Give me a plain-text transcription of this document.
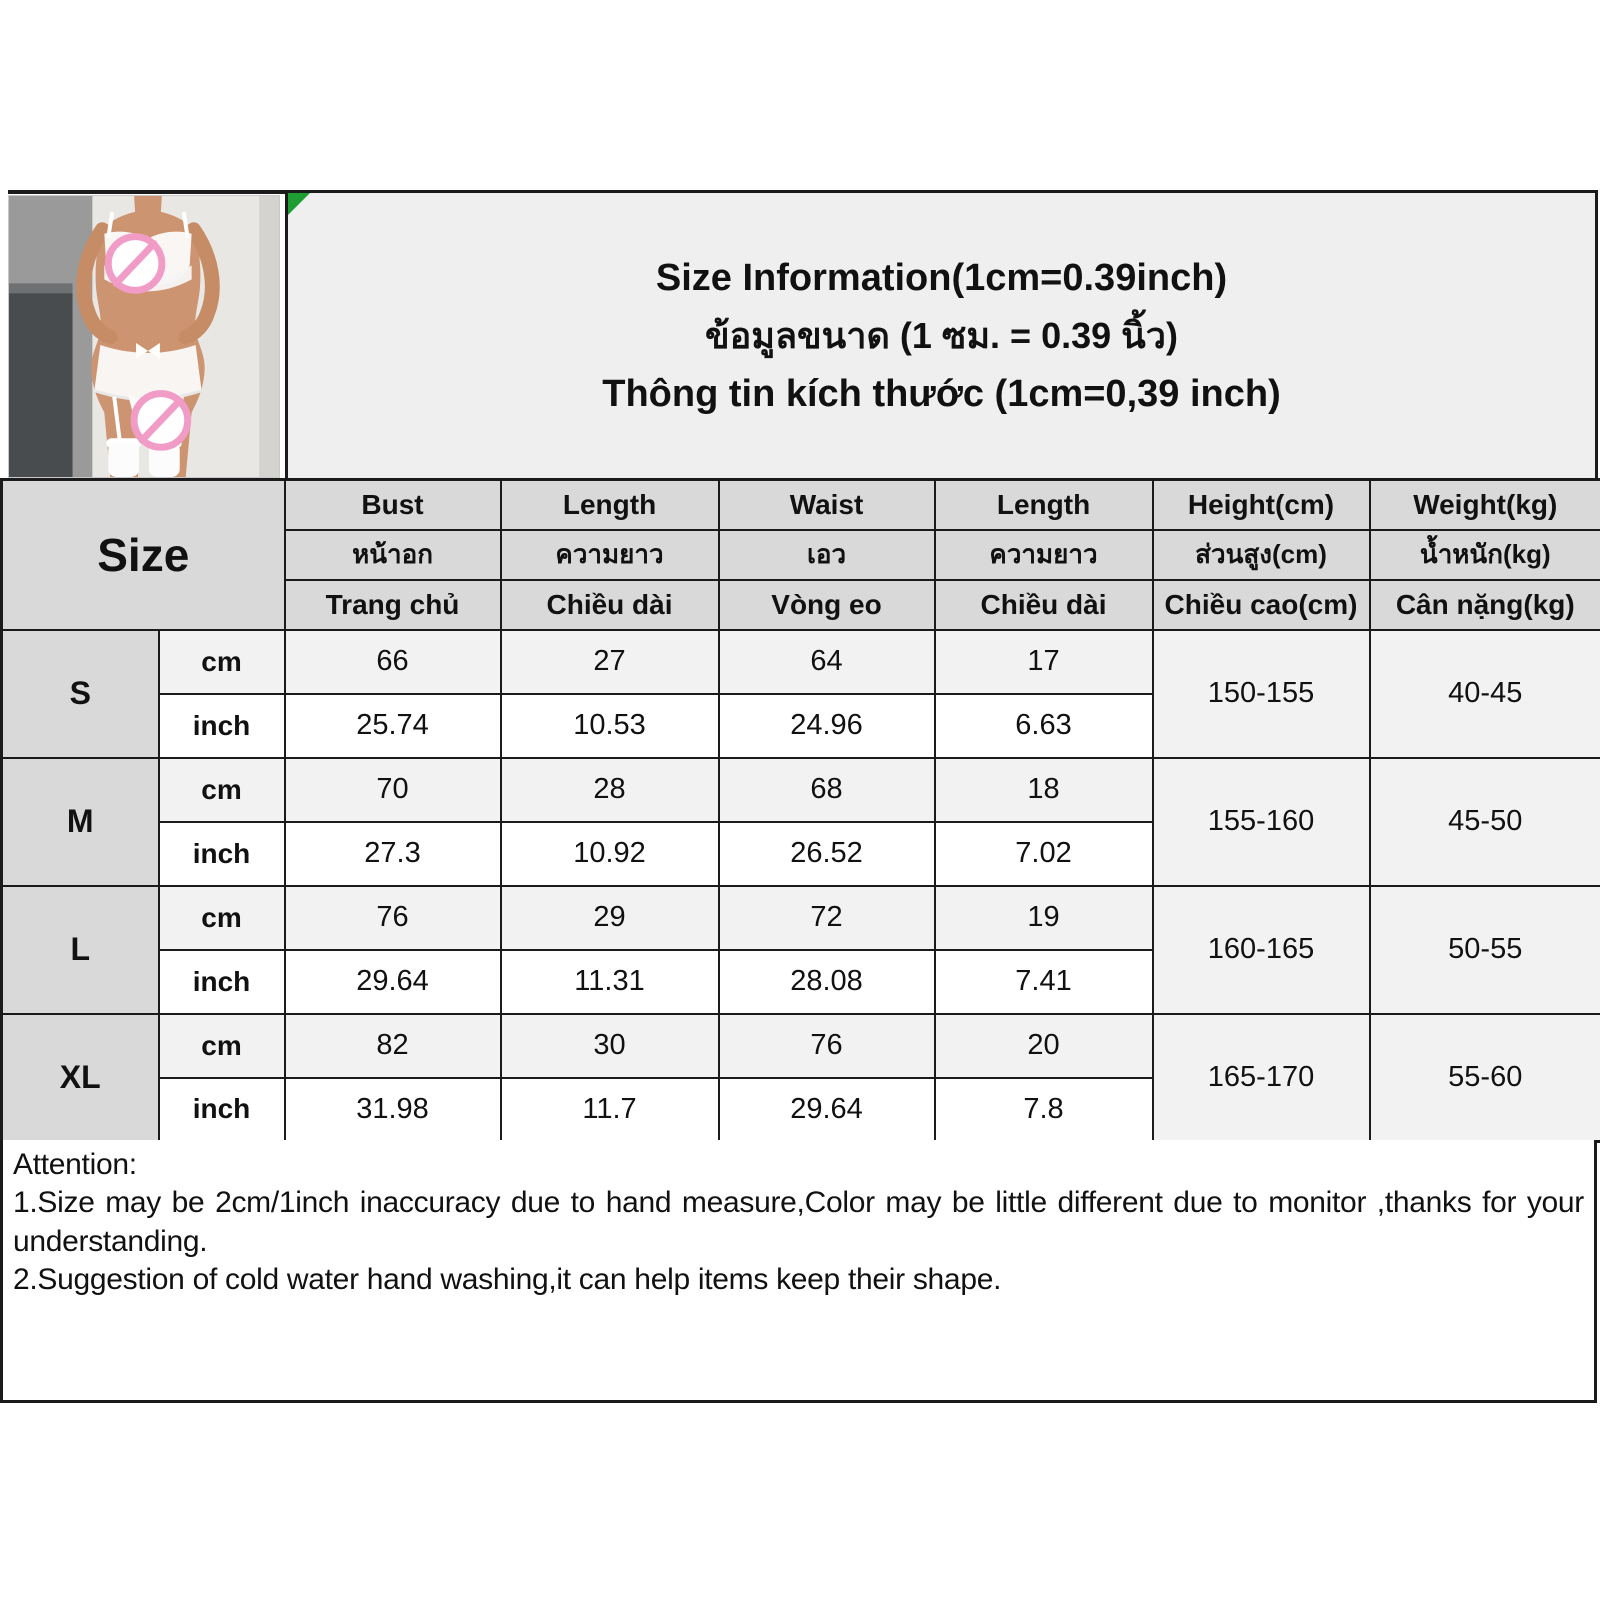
Size Information(1cm=0.39inch)
ข้อมูลขนาด (1 ซม. = 0.39 นิ้ว)
Thông tin kích thước (1cm=0,39 inch)
Size		Bust	Length	Waist	Length	Height(cm)	Weight(kg)
		หน้าอก	ความยาว	เอว	ความยาว	ส่วนสูง(cm)	น้ำหนัก(kg)
		Trang chủ	Chiều dài	Vòng eo	Chiều dài	Chiều cao(cm)	Cân nặng(kg)
S	cm	66	27	64	17	150-155	40-45
	inch	25.74	10.53	24.96	6.63		
M	cm	70	28	68	18	155-160	45-50
	inch	27.3	10.92	26.52	7.02		
L	cm	76	29	72	19	160-165	50-55
	inch	29.64	11.31	28.08	7.41		
XL	cm	82	30	76	20	165-170	55-60
	inch	31.98	11.7	29.64	7.8		
Attention:
1.Size may be 2cm/1inch inaccuracy due to hand measure,Color may be little different due to monitor ,thanks for your understanding.
2.Suggestion of cold water hand washing,it can help items keep their shape.
